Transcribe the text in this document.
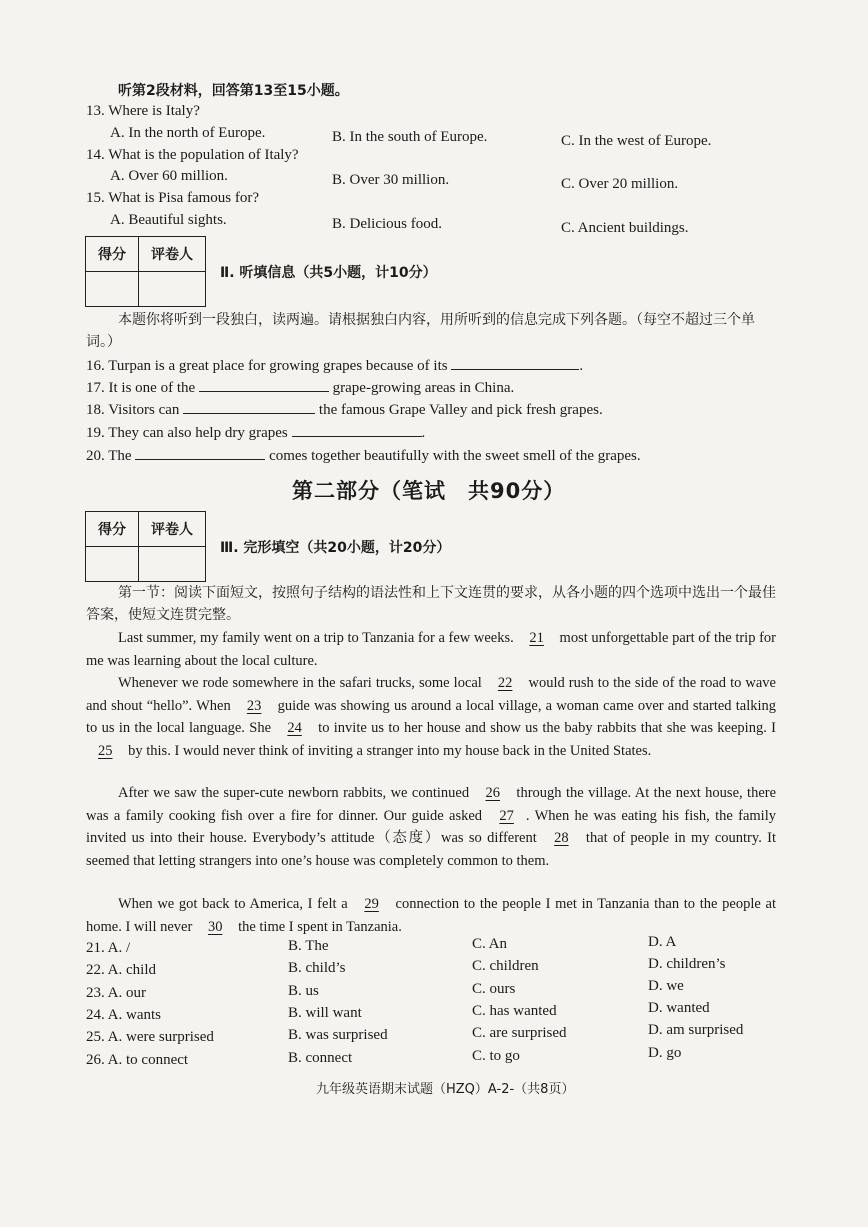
听第2段材料，回答第13至15小题。
13. Where is Italy?
A. In the north of Europe.	B. In the south of Europe.	C. In the west of Europe.
14. What is the population of Italy?
A. Over 60 million.	B. Over 30 million.	C. Over 20 million.
15. What is Pisa famous for?
A. Beautiful sights.	B. Delicious food.	C. Ancient buildings.
得分	评卷人

Ⅱ. 听填信息（共5小题，计10分）
本题你将听到一段独白，读两遍。请根据独白内容，用所听到的信息完成下列各题。（每空不超过三个单词。）
16. Turpan is a great place for growing grapes because of its	.
17. It is one of the	grape-growing areas in China.
18. Visitors can	the famous Grape Valley and pick fresh grapes.
19. They can also help dry grapes	.
20. The	comes together beautifully with the sweet smell of the grapes.
第二部分（笔试　共90分）
得分	评卷人

Ⅲ. 完形填空（共20小题，计20分）
第一节：阅读下面短文，按照句子结构的语法性和上下文连贯的要求，从各小题的四个选项中选出一个最佳答案，使短文连贯完整。
Last summer, my family went on a trip to Tanzania for a few weeks. 21 most unforgettable part of the trip for me was learning about the local culture.
Whenever we rode somewhere in the safari trucks, some local 22 would rush to the side of the road to wave and shout “hello”. When 23 guide was showing us around a local village, a woman came over and started talking to us in the local language. She 24 to invite us to her house and show us the baby rabbits that she was keeping. I 25 by this. I would never think of inviting a stranger into my house back in the United States.
After we saw the super-cute newborn rabbits, we continued 26 through the village. At the next house, there was a family cooking fish over a fire for dinner. Our guide asked 27 . When he was eating his fish, the family invited us into their house. Everybody’s attitude（态度）was so different 28 that of people in my country. It seemed that letting strangers into one’s house was completely common to them.
When we got back to America, I felt a 29 connection to the people I met in Tanzania than to the people at home. I will never 30 the time I spent in Tanzania.
21. A. /	B. The	C. An	D. A
22. A. child	B. child’s	C. children	D. children’s
23. A. our	B. us	C. ours	D. we
24. A. wants	B. will want	C. has wanted	D. wanted
25. A. were surprised	B. was surprised	C. are surprised	D. am surprised
26. A. to connect	B. connect	C. to go	D. go
九年级英语期末试题（HZQ）A-2-（共8页）
